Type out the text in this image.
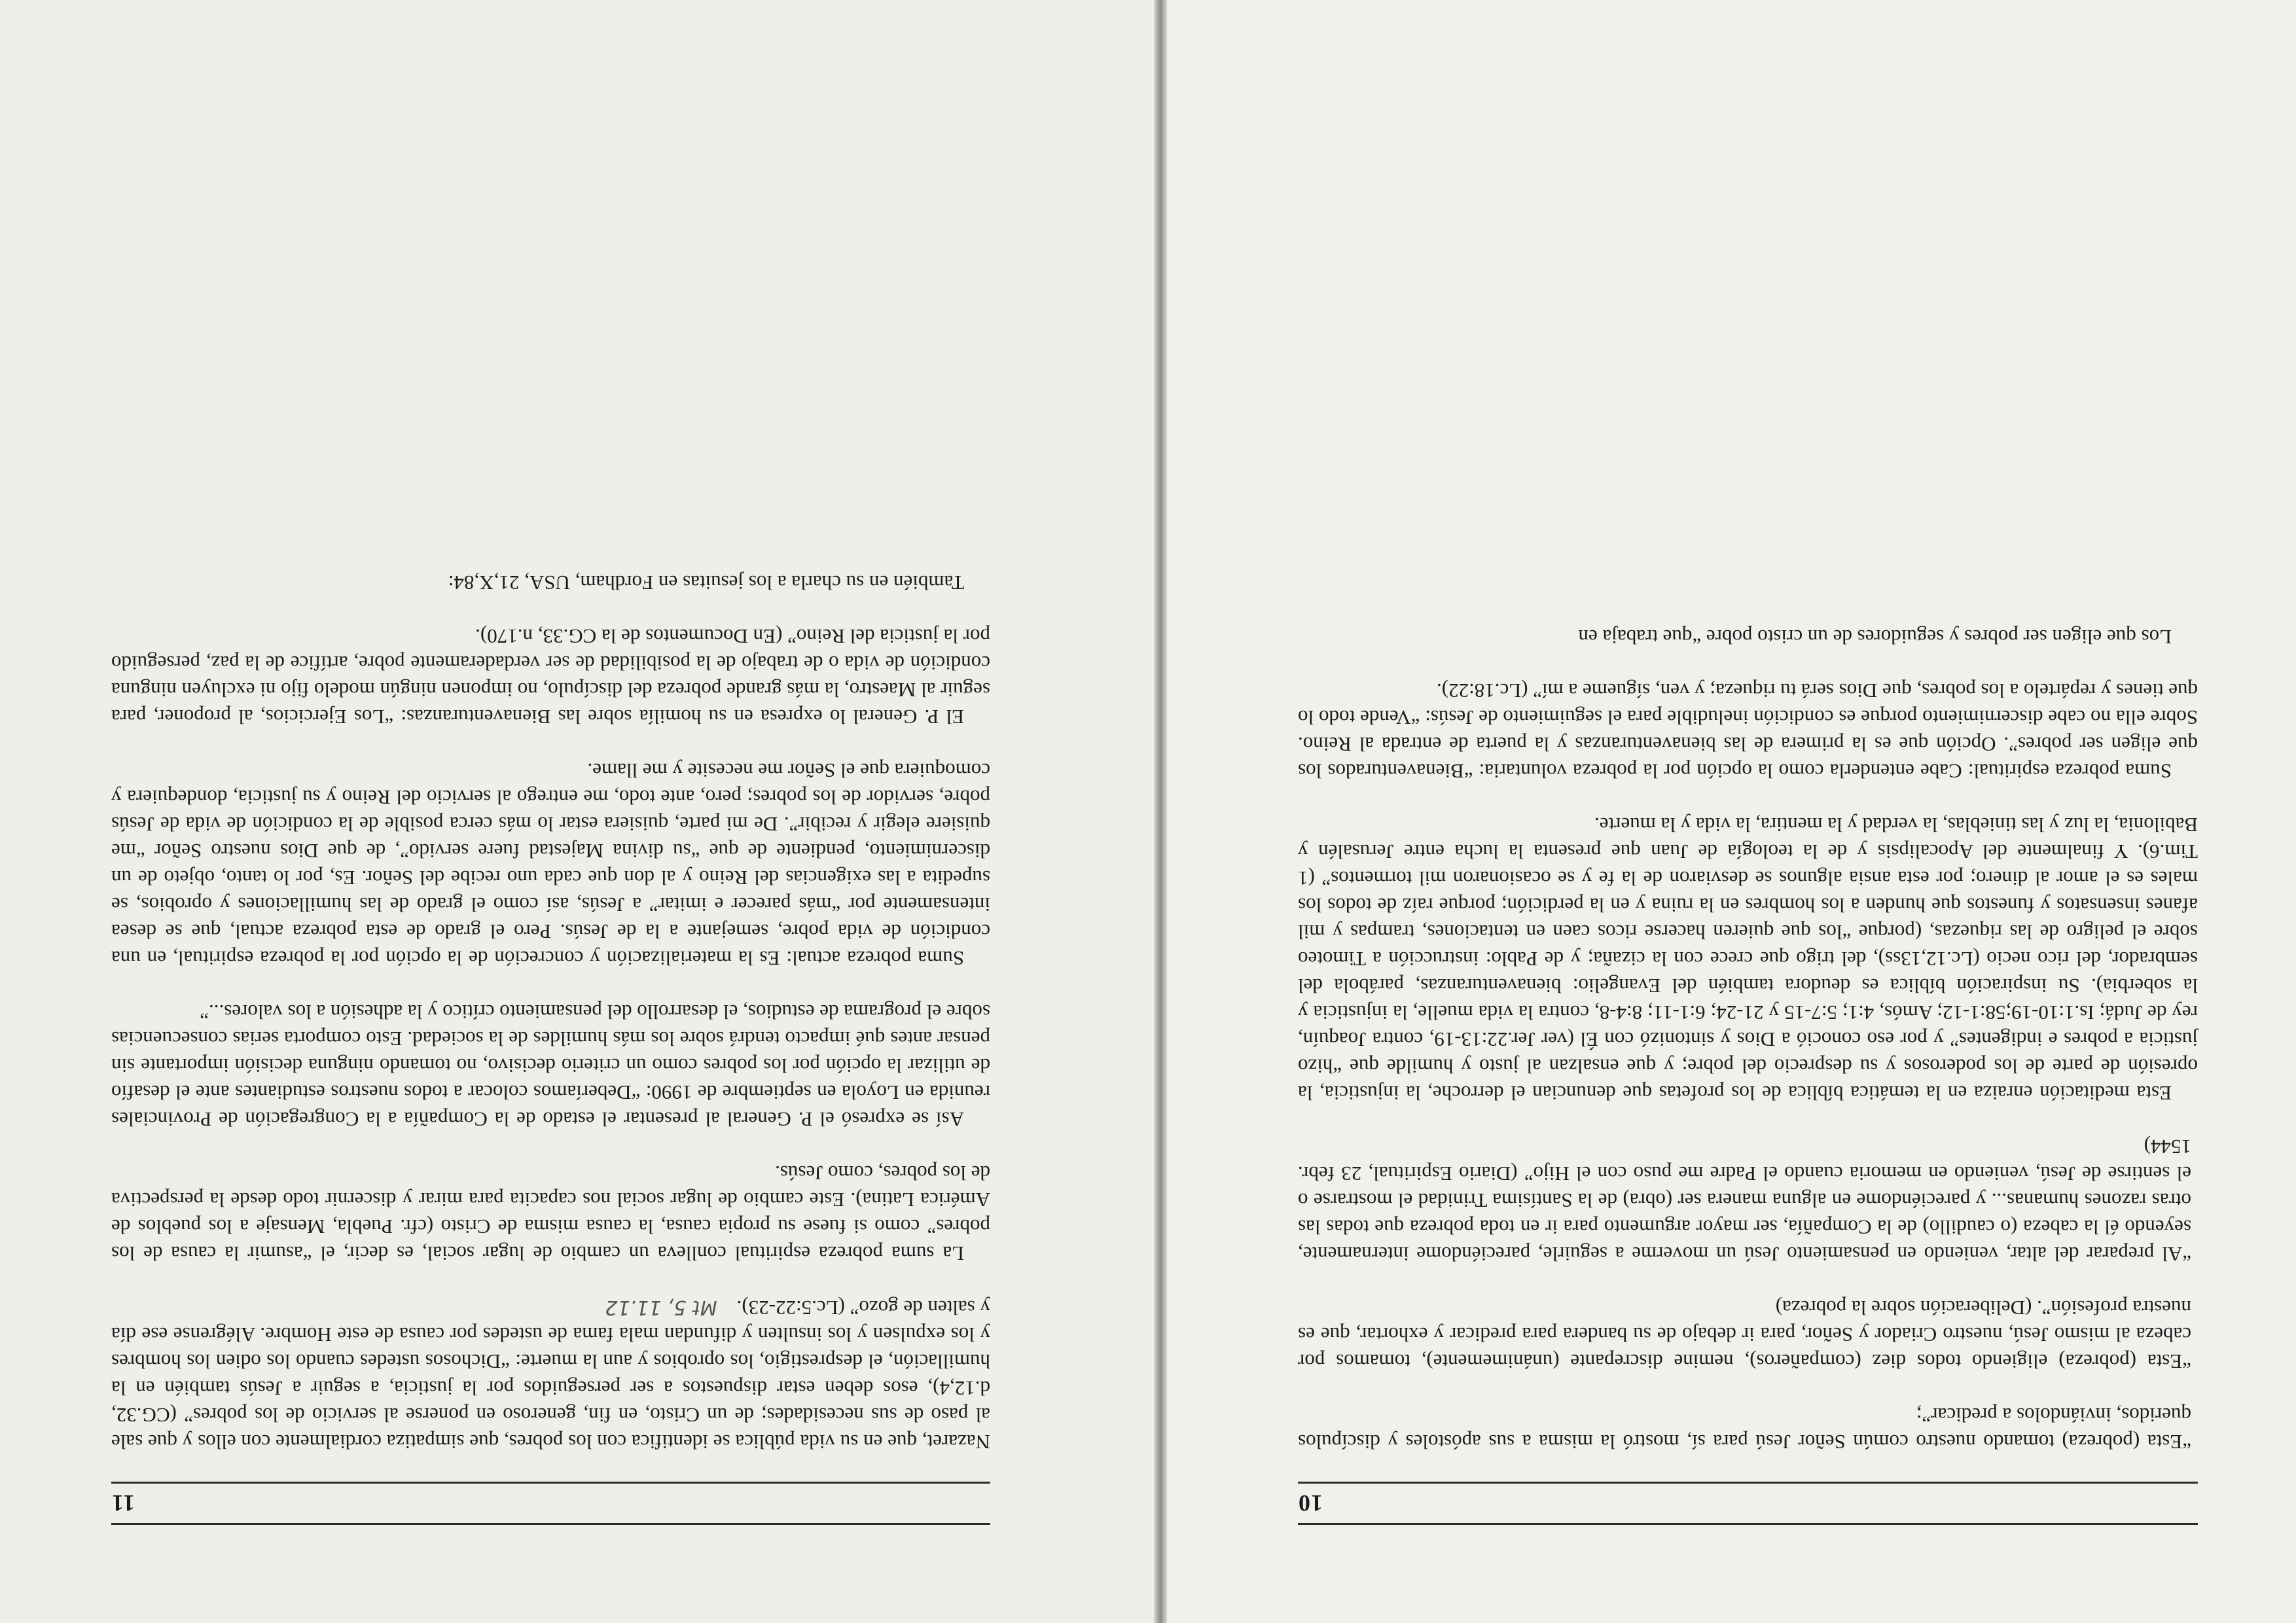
10

“Esta (pobreza) tomando nuestro común Señor Jesú para sí, mostró la misma a sus apóstoles y discípulos queridos, inviándolos a predicar”;

“Esta (pobreza) eligiendo todos diez (compañeros), nemine discrepante (unánimemente), tomamos por cabeza al mismo Jesú, nuestro Criador y Señor, para ir debajo de su bandera para predicar y exhortar, que es nuestra profesión”. (Deliberación sobre la pobreza)

“Al preparar del altar, veniendo en pensamiento Jesú un moverme a seguirle, pareciéndome internamente, seyendo él la cabeza (o caudillo) de la Compañía, ser mayor argumento para ir en toda pobreza que todas las otras razones humanas... y pareciéndome en alguna manera ser (obra) de la Santísima Trinidad el mostrarse o el sentirse de Jesú, veniendo en memoria cuando el Padre me puso con el Hijo” (Diario Espiritual, 23 febr. 1544)

Esta meditación enraiza en la temática bíblica de los profetas que denuncian el derroche, la injusticia, la opresión de parte de los poderosos y su desprecio del pobre; y que ensalzan al justo y humilde que “hizo justicia a pobres e indigentes” y por eso conoció a Dios y sintonizó con Él (ver Jer.22:13-19, contra Joaquín, rey de Judá; Is.1:10-19;58:1-12; Amós, 4:1; 5:7-15 y 21-24; 6:1-11; 8:4-8, contra la vida muelle, la injusticia y la soberbia). Su inspiración bíblica es deudora también del Evangelio: bienaventuranzas, parábola del sembrador, del rico necio (Lc.12,13ss), del trigo que crece con la cizaña; y de Pablo: instrucción a Timoteo sobre el peligro de las riquezas, (porque “los que quieren hacerse ricos caen en tentaciones, trampas y mil afanes insensatos y funestos que hunden a los hombres en la ruina y en la perdición; porque raíz de todos los males es el amor al dinero; por esta ansia algunos se desviaron de la fe y se ocasionaron mil tormentos” (1 Tim.6). Y finalmente del Apocalipsis y de la teología de Juan que presenta la lucha entre Jerusalén y Babilonia, la luz y las tinieblas, la verdad y la mentira, la vida y la muerte.

Suma pobreza espiritual: Cabe entenderla como la opción por la pobreza voluntaria: “Bienaventurados los que eligen ser pobres”. Opción que es la primera de las bienaventuranzas y la puerta de entrada al Reino. Sobre ella no cabe discernimiento porque es condición ineludible para el seguimiento de Jesús: “Vende todo lo que tienes y repártelo a los pobres, que Dios será tu riqueza; y ven, sígueme a mí” (Lc.18:22).

Los que eligen ser pobres y seguidores de un cristo pobre “que trabaja en

11

Nazaret, que en su vida pública se identifica con los pobres, que simpatiza cordialmente con ellos y que sale al paso de sus necesidades; de un Cristo, en fin, generoso en ponerse al servicio de los pobres” (CG.32, d.12,4), esos deben estar dispuestos a ser perseguidos por la justicia, a seguir a Jesús también en la humillación, el desprestigio, los oprobios y aun la muerte: “Dichosos ustedes cuando los odien los hombres y los expulsen y los insulten y difundan mala fama de ustedes por causa de este Hombre. Alégrense ese día y salten de gozo” (Lc.5:22-23).Mt 5, 11.12

La suma pobreza espiritual conlleva un cambio de lugar social, es decir, el “asumir la causa de los pobres” como si fuese su propia causa, la causa misma de Cristo (cfr. Puebla, Mensaje a los pueblos de América Latina). Este cambio de lugar social nos capacita para mirar y discernir todo desde la perspectiva de los pobres, como Jesús.

Así se expresó el P. General al presentar el estado de la Compañía a la Congregación de Provinciales reunida en Loyola en septiembre de 1990: “Deberíamos colocar a todos nuestros estudiantes ante el desafío de utilizar la opción por los pobres como un criterio decisivo, no tomando ninguna decisión importante sin pensar antes qué impacto tendrá sobre los más humildes de la sociedad. Esto comporta serias consecuencias sobre el programa de estudios, el desarrollo del pensamiento crítico y la adhesión a los valores...”

Suma pobreza actual: Es la materialización y concreción de la opción por la pobreza espiritual, en una condición de vida pobre, semejante a la de Jesús. Pero el grado de esta pobreza actual, que se desea intensamente por “más parecer e imitar” a Jesús, así como el grado de las humillaciones y oprobios, se supedita a las exigencias del Reino y al don que cada uno recibe del Señor. Es, por lo tanto, objeto de un discernimiento, pendiente de que “su divina Majestad fuere servido”, de que Dios nuestro Señor “me quisiere elegir y recibir”. De mi parte, quisiera estar lo más cerca posible de la condición de vida de Jesús pobre, servidor de los pobres; pero, ante todo, me entrego al servicio del Reino y su justicia, dondequiera y comoquiera que el Señor me necesite y me llame.

El P. General lo expresa en su homilía sobre las Bienaventuranzas: “Los Ejercicios, al proponer, para seguir al Maestro, la más grande pobreza del discípulo, no imponen ningún modelo fijo ni excluyen ninguna condición de vida o de trabajo de la posibilidad de ser verdaderamente pobre, artífice de la paz, perseguido por la justicia del Reino” (En Documentos de la CG.33, n.170).

También en su charla a los jesuitas en Fordham, USA, 21,X,84:
